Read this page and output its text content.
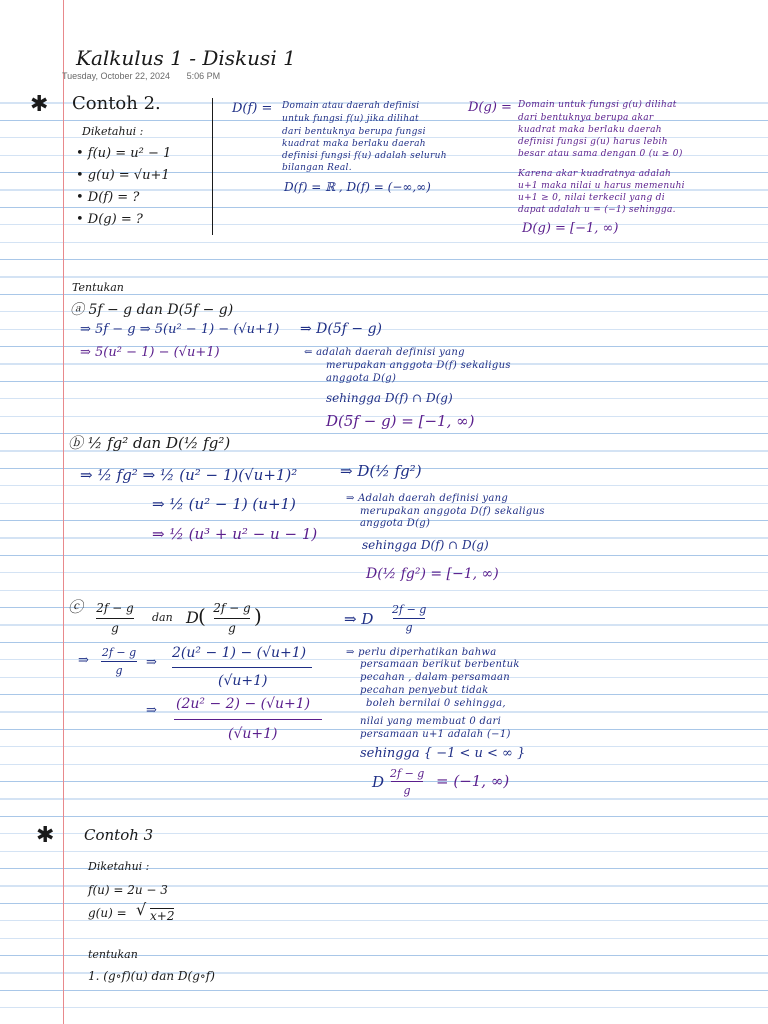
Kalkulus 1 - Diskusi 1
Tuesday, October 22, 2024 5:06 PM
✱ Contoh 2.
Diketahui :
• f(u) = u² − 1
• g(u) = √u+1
• D(f) = ?
• D(g) = ?
D(f) = Domain atau daerah definisi
untuk fungsi f(u) jika dilihat
dari bentuknya berupa fungsi
kuadrat maka berlaku daerah
definisi fungsi f(u) adalah seluruh
bilangan Real.
D(f) = ℝ , D(f) = (−∞,∞)
D(g) = Domain untuk fungsi g(u) dilihat
dari bentuknya berupa akar
kuadrat maka berlaku daerah
definisi fungsi g(u) harus lebih
besar atau sama dengan 0 (u ≥ 0)
Karena akar kuadratnya adalah
u+1 maka nilai u harus memenuhi
u+1 ≥ 0, nilai terkecil yang di
dapat adalah u = (−1) sehingga.
D(g) = [−1, ∞)
Tentukan
ⓐ 5f − g dan D(5f − g)
⇒ 5f − g ⇒ 5(u² − 1) − (√u+1)
⇒ 5(u² − 1) − (√u+1)
⇒ D(5f − g)
⇐ adalah daerah definisi yang
merupakan anggota D(f) sekaligus
anggota D(g)
sehingga D(f) ∩ D(g)
D(5f − g) = [−1, ∞)
ⓑ ½ fg² dan D(½ fg²)
⇒ ½ fg² ⇒ ½ (u² − 1)(√u+1)²
⇒ ½ (u² − 1) (u+1)
⇒ ½ (u³ + u² − u − 1)
⇒ D(½ fg²)
⇒ Adalah daerah definisi yang
merupakan anggota D(f) sekaligus
anggota D(g)
sehingga D(f) ∩ D(g)
D(½ fg²) = [−1, ∞)
ⓒ 2f − g
g
dan D ( 2f − g
g )	⇒ D
2f − g
g
⇒
2f − g
g
⇒
2(u² − 1) − (√u+1)
(√u+1)
⇒ (2u² − 2) − (√u+1)
(√u+1)
⇒ perlu diperhatikan bahwa
persamaan berikut berbentuk
pecahan , dalam persamaan
pecahan penyebut tidak
boleh bernilai 0 sehingga,
nilai yang membuat 0 dari
persamaan u+1 adalah (−1)
sehingga { −1 < u < ∞ }
D 2f − g
g
= (−1, ∞)
✱ Contoh 3
Diketahui :
f(u) = 2u − 3
g(u) = √ x+2
tentukan
1. (g∘f)(u) dan D(g∘f)
